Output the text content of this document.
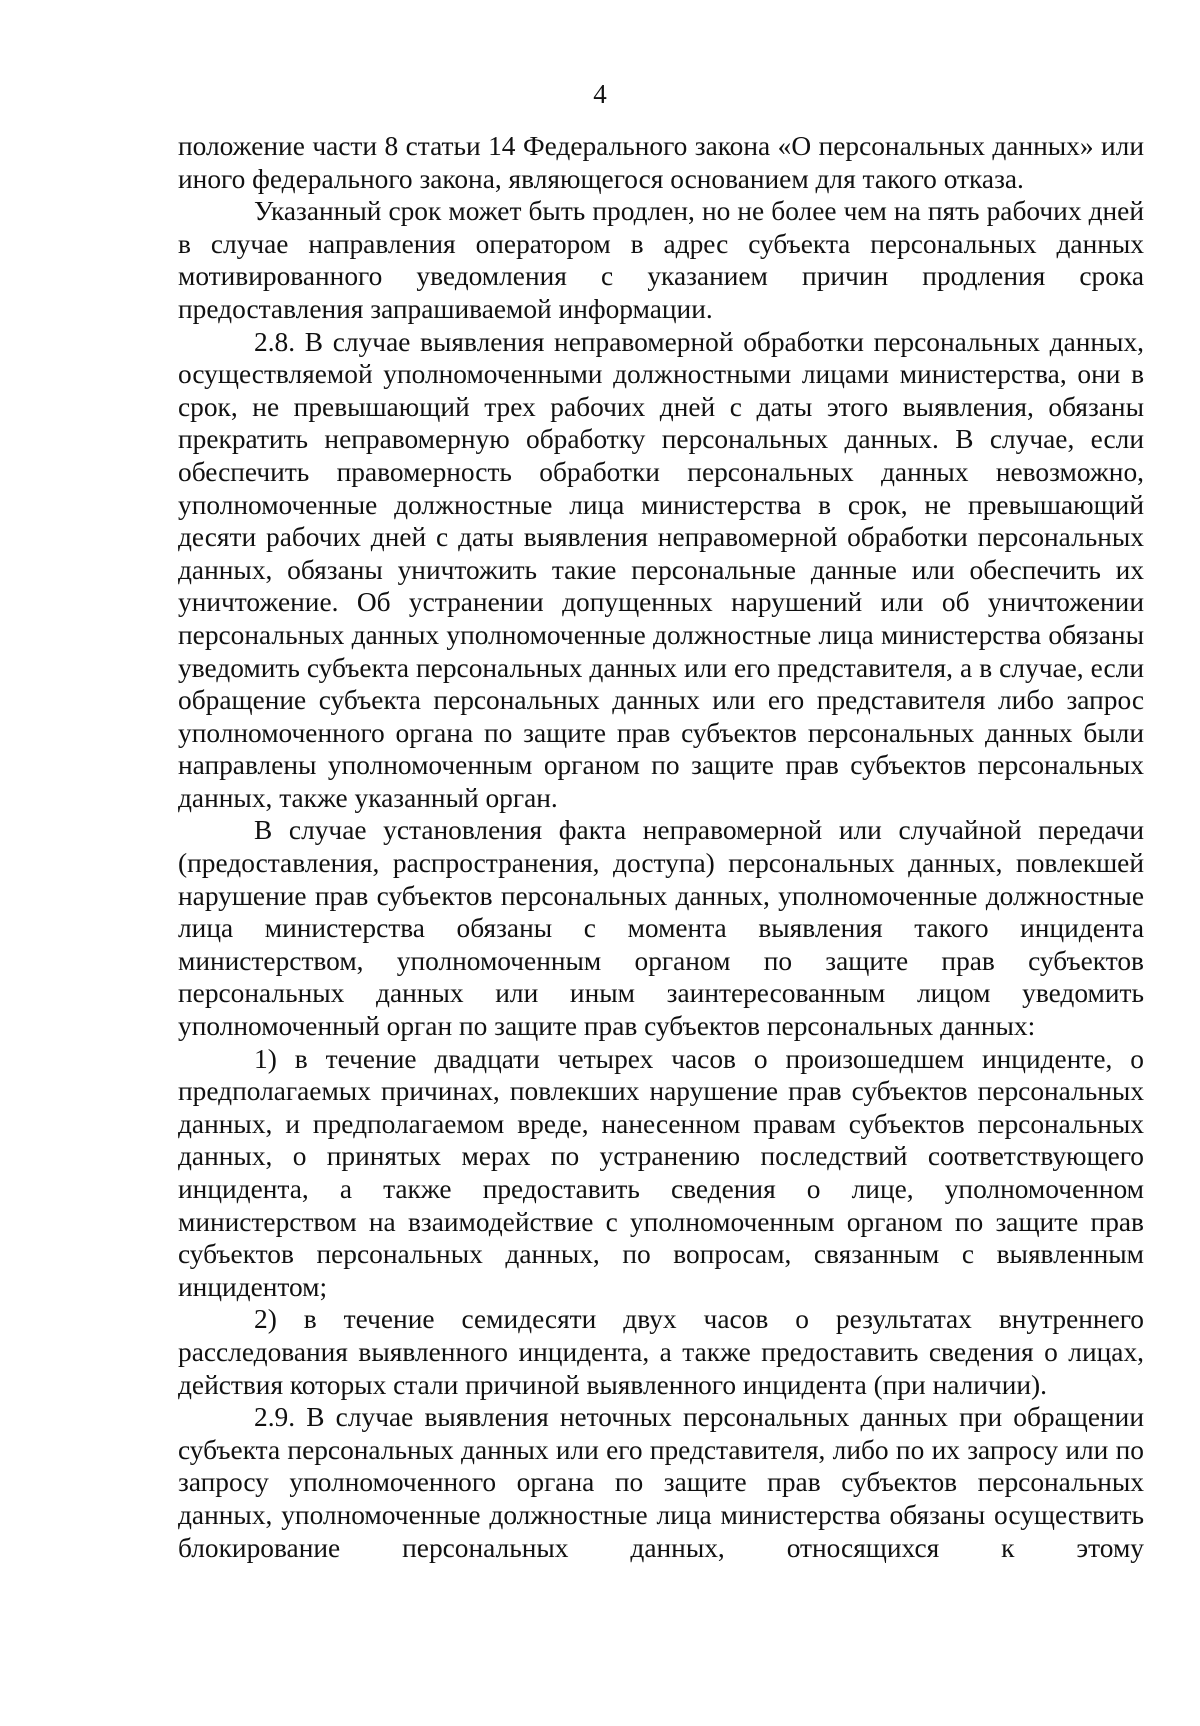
4

положение части 8 статьи 14 Федерального закона «О персональных данных» или иного федерального закона, являющегося основанием для такого отказа.

Указанный срок может быть продлен, но не более чем на пять рабочих дней в случае направления оператором в адрес субъекта персональных данных мотивированного уведомления с указанием причин продления срока предоставления запрашиваемой информации.

2.8. В случае выявления неправомерной обработки персональных данных, осуществляемой уполномоченными должностными лицами министерства, они в срок, не превышающий трех рабочих дней с даты этого выявления, обязаны прекратить неправомерную обработку персональных данных. В случае, если обеспечить правомерность обработки персональных данных невозможно, уполномоченные должностные лица министерства в срок, не превышающий десяти рабочих дней с даты выявления неправомерной обработки персональных данных, обязаны уничтожить такие персональные данные или обеспечить их уничтожение. Об устранении допущенных нарушений или об уничтожении персональных данных уполномоченные должностные лица министерства обязаны уведомить субъекта персональных данных или его представителя, а в случае, если обращение субъекта персональных данных или его представителя либо запрос уполномоченного органа по защите прав субъектов персональных данных были направлены уполномоченным органом по защите прав субъектов персональных данных, также указанный орган.

В случае установления факта неправомерной или случайной передачи (предоставления, распространения, доступа) персональных данных, повлекшей нарушение прав субъектов персональных данных, уполномоченные должностные лица министерства обязаны с момента выявления такого инцидента министерством, уполномоченным органом по защите прав субъектов персональных данных или иным заинтересованным лицом уведомить уполномоченный орган по защите прав субъектов персональных данных:

1) в течение двадцати четырех часов о произошедшем инциденте, о предполагаемых причинах, повлекших нарушение прав субъектов персональных данных, и предполагаемом вреде, нанесенном правам субъектов персональных данных, о принятых мерах по устранению последствий соответствующего инцидента, а также предоставить сведения о лице, уполномоченном министерством на взаимодействие с уполномоченным органом по защите прав субъектов персональных данных, по вопросам, связанным с выявленным инцидентом;

2) в течение семидесяти двух часов о результатах внутреннего расследования выявленного инцидента, а также предоставить сведения о лицах, действия которых стали причиной выявленного инцидента (при наличии).

2.9. В случае выявления неточных персональных данных при обращении субъекта персональных данных или его представителя, либо по их запросу или по запросу уполномоченного органа по защите прав субъектов персональных данных, уполномоченные должностные лица министерства обязаны осуществить блокирование персональных данных, относящихся к этому
